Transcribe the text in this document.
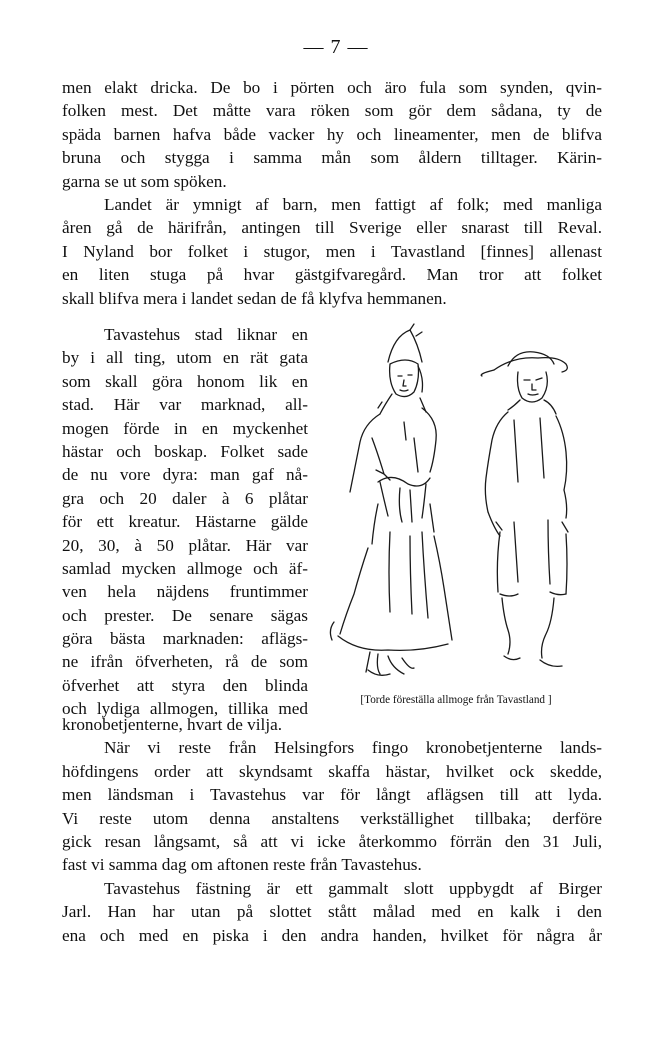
— 7 —
men elakt dricka. De bo i pörten och äro fula som synden, qvin-
folken mest. Det måtte vara röken som gör dem sådana, ty de
späda barnen hafva både vacker hy och lineamenter, men de blifva
bruna och stygga i samma mån som åldern tilltager. Kärin-
garna se ut som spöken.
Landet är ymnigt af barn, men fattigt af folk; med manliga
åren gå de härifrån, antingen till Sverige eller snarast till Reval.
I Nyland bor folket i stugor, men i Tavastland [finnes] allenast
en liten stuga på hvar gästgifvaregård. Man tror att folket
skall blifva mera i landet sedan de få klyfva hemmanen.
Tavastehus stad liknar en
by i all ting, utom en rät gata
som skall göra honom lik en
stad. Här var marknad, all-
mogen förde in en myckenhet
hästar och boskap. Folket sade
de nu vore dyra: man gaf nå-
gra och 20 daler à 6 plåtar
för ett kreatur. Hästarne gälde
20, 30, à 50 plåtar. Här var
samlad mycken allmoge och äf-
ven hela näjdens fruntimmer
och prester. De senare sägas
göra bästa marknaden: aflägs-
ne ifrån öfverheten, rå de som
öfverhet att styra den blinda
och lydiga allmogen, tillika med	[Torde föreställa allmoge från Tavastland ]
kronobetjenterne, hvart de vilja.
När vi reste från Helsingfors fingo kronobetjenterne lands-
höfdingens order att skyndsamt skaffa hästar, hvilket ock skedde,
men ländsman i Tavastehus var för långt aflägsen till att lyda.
Vi reste utom denna anstaltens verkställighet tillbaka; derföre
gick resan långsamt, så att vi icke återkommo förrän den 31 Juli,
fast vi samma dag om aftonen reste från Tavastehus.
Tavastehus fästning är ett gammalt slott uppbygdt af Birger
Jarl. Han har utan på slottet stått målad med en kalk i den
ena och med en piska i den andra handen, hvilket för några år
